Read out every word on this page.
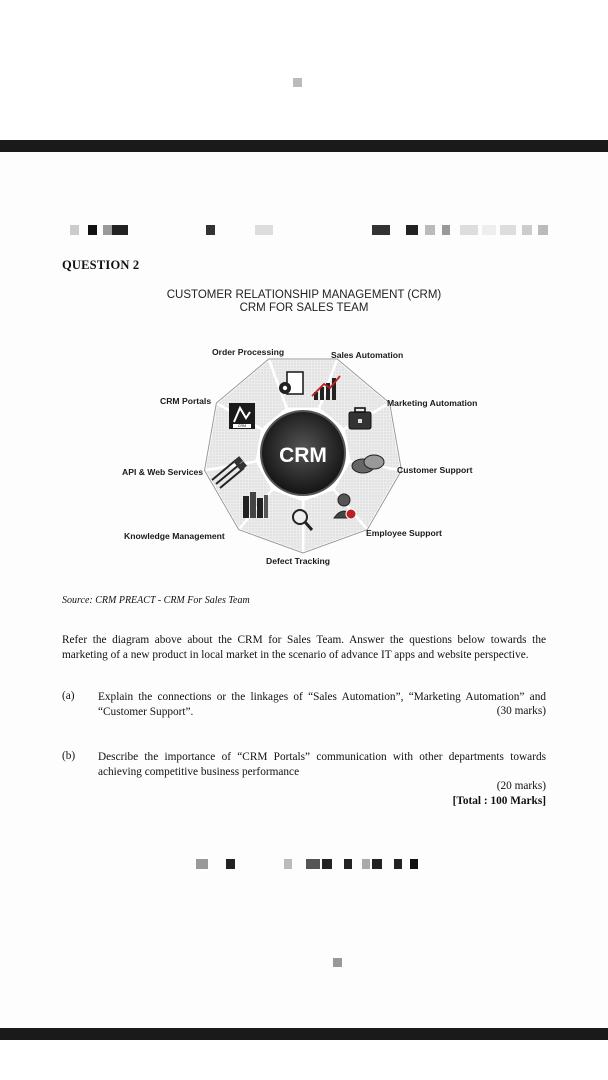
QUESTION 2
CUSTOMER RELATIONSHIP MANAGEMENT (CRM)
CRM FOR SALES TEAM
CRM
CRM
Order Processing	Sales Automation
Marketing Automation
Customer Support
Employee Support
Defect Tracking
Knowledge Management
API & Web Services
CRM Portals
Source: CRM PREACT - CRM For Sales Team
Refer the diagram above about the CRM for Sales Team. Answer the questions below towards the marketing of a new product in local market in the scenario of advance IT apps and website perspective.
(a) Explain the connections or the linkages of “Sales Automation”, “Marketing Automation” and “Customer Support”.	(30 marks)
(b) Describe the importance of “CRM Portals” communication with other departments towards achieving competitive business performance
(20 marks)
[Total : 100 Marks]
